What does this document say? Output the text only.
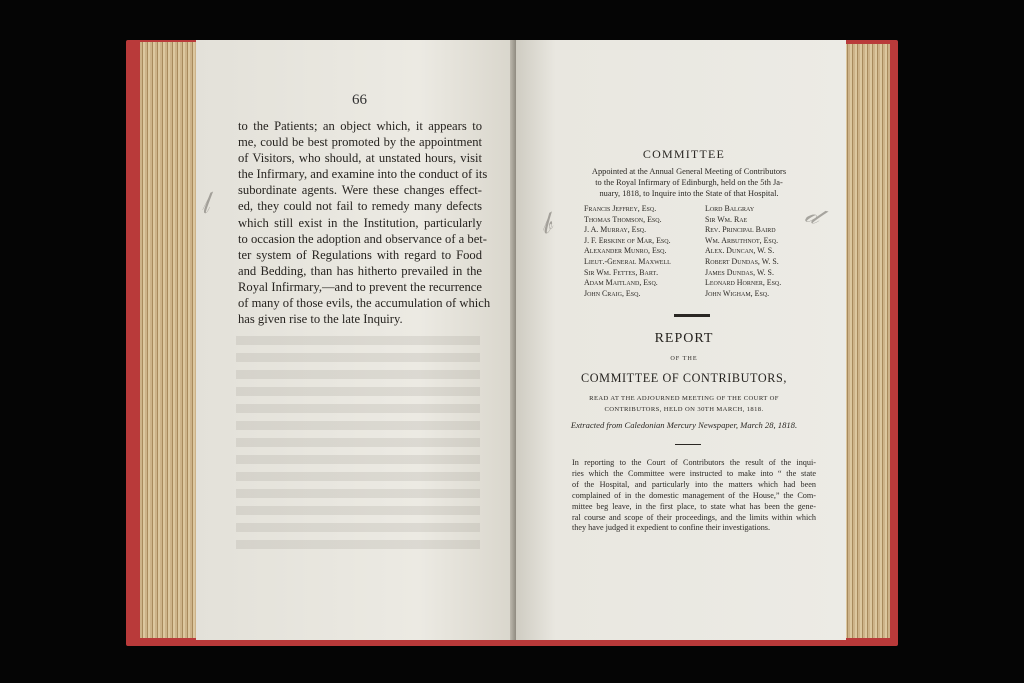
66
to the Patients; an object which, it appears to
me, could be best promoted by the appointment
of Visitors, who should, at unstated hours, visit
the Infirmary, and examine into the conduct of its
subordinate agents. Were these changes effect-
ed, they could not fail to remedy many defects
which still exist in the Institution, particularly
to occasion the adoption and observance of a bet-
ter system of Regulations with regard to Food
and Bedding, than has hitherto prevailed in the
Royal Infirmary,—and to prevent the recurrence
of many of those evils, the accumulation of which
has given rise to the late Inquiry.
𝓁
COMMITTEE
Appointed at the Annual General Meeting of Contributors
to the Royal Infirmary of Edinburgh, held on the 5th Ja-
nuary, 1818, to Inquire into the State of that Hospital.
Francis Jeffrey, Esq.
Thomas Thomson, Esq.
J. A. Murray, Esq.
J. F. Erskine of Mar, Esq.
Alexander Munro, Esq.
Lieut.-General Maxwell
Sir Wm. Fettes, Bart.
Adam Maitland, Esq.
John Craig, Esq.
Lord Balgray
Sir Wm. Rae
Rev. Principal Baird
Wm. Arbuthnot, Esq.
Alex. Duncan, W. S.
Robert Dundas, W. S.
James Dundas, W. S.
Leonard Horner, Esq.
John Wigham, Esq.
𝒷	𝒹
REPORT
OF THE
COMMITTEE OF CONTRIBUTORS,
READ AT THE ADJOURNED MEETING OF THE COURT OF
CONTRIBUTORS, HELD ON 30TH MARCH, 1818.
Extracted from Caledonian Mercury Newspaper, March 28, 1818.
In reporting to the Court of Contributors the result of the inqui-
ries which the Committee were instructed to make into “ the state
of the Hospital, and particularly into the matters which had been
complained of in the domestic management of the House,” the Com-
mittee beg leave, in the first place, to state what has been the gene-
ral course and scope of their proceedings, and the limits within which
they have judged it expedient to confine their investigations.
